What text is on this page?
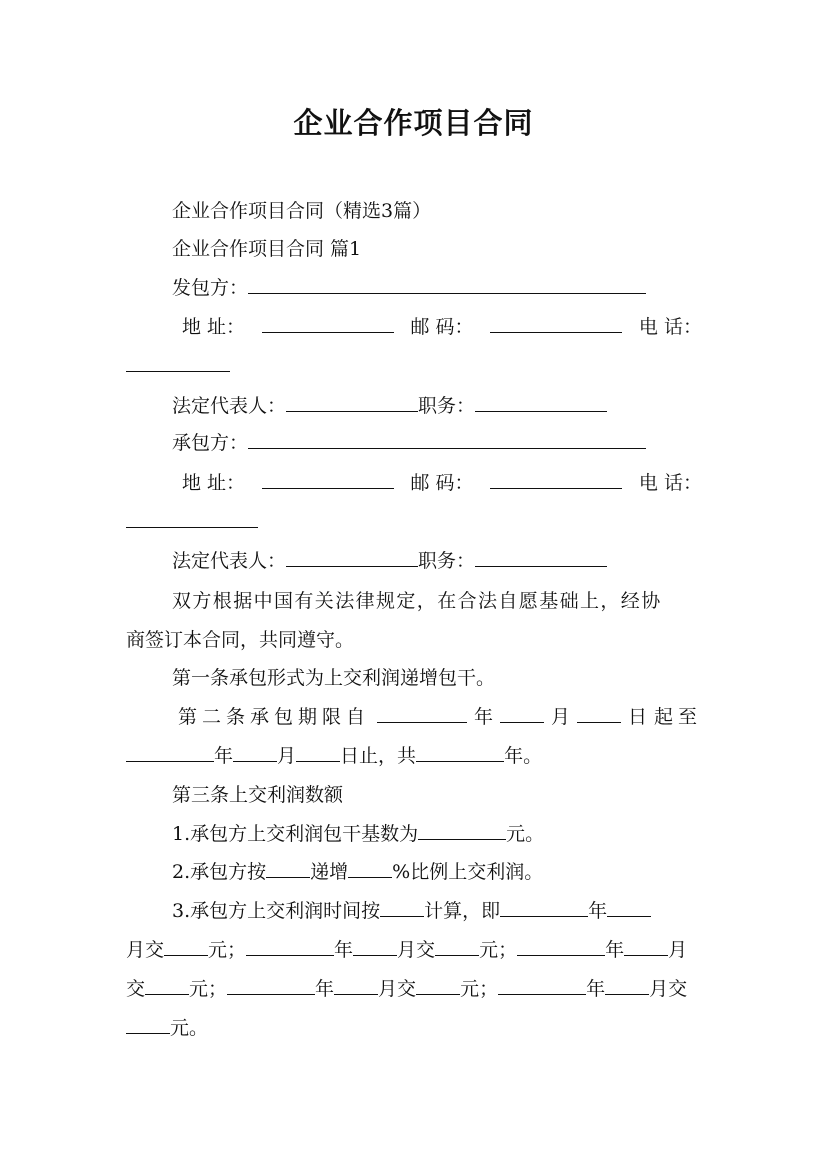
企业合作项目合同
企业合作项目合同（精选3篇）
企业合作项目合同 篇1
发包方：
地 址：	邮 码：	电 话：
法定代表人：	职务：
承包方：
地 址：	邮 码：	电 话：
法定代表人：	职务：
双方根据中国有关法律规定，在合法自愿基础上，经协
商签订本合同，共同遵守。
第一条承包形式为上交利润递增包干。
第二条承包期限自	年	月	日 起至
年 月 日止，共	年。
第三条上交利润数额
1.承包方上交利润包干基数为	元。
2.承包方按 递增 %比例上交利润。
3.承包方上交利润时间按 计算，即	年
月交 元；	年 月交 元；	年 月
交 元；	年 月交 元；	年 月交
元。
